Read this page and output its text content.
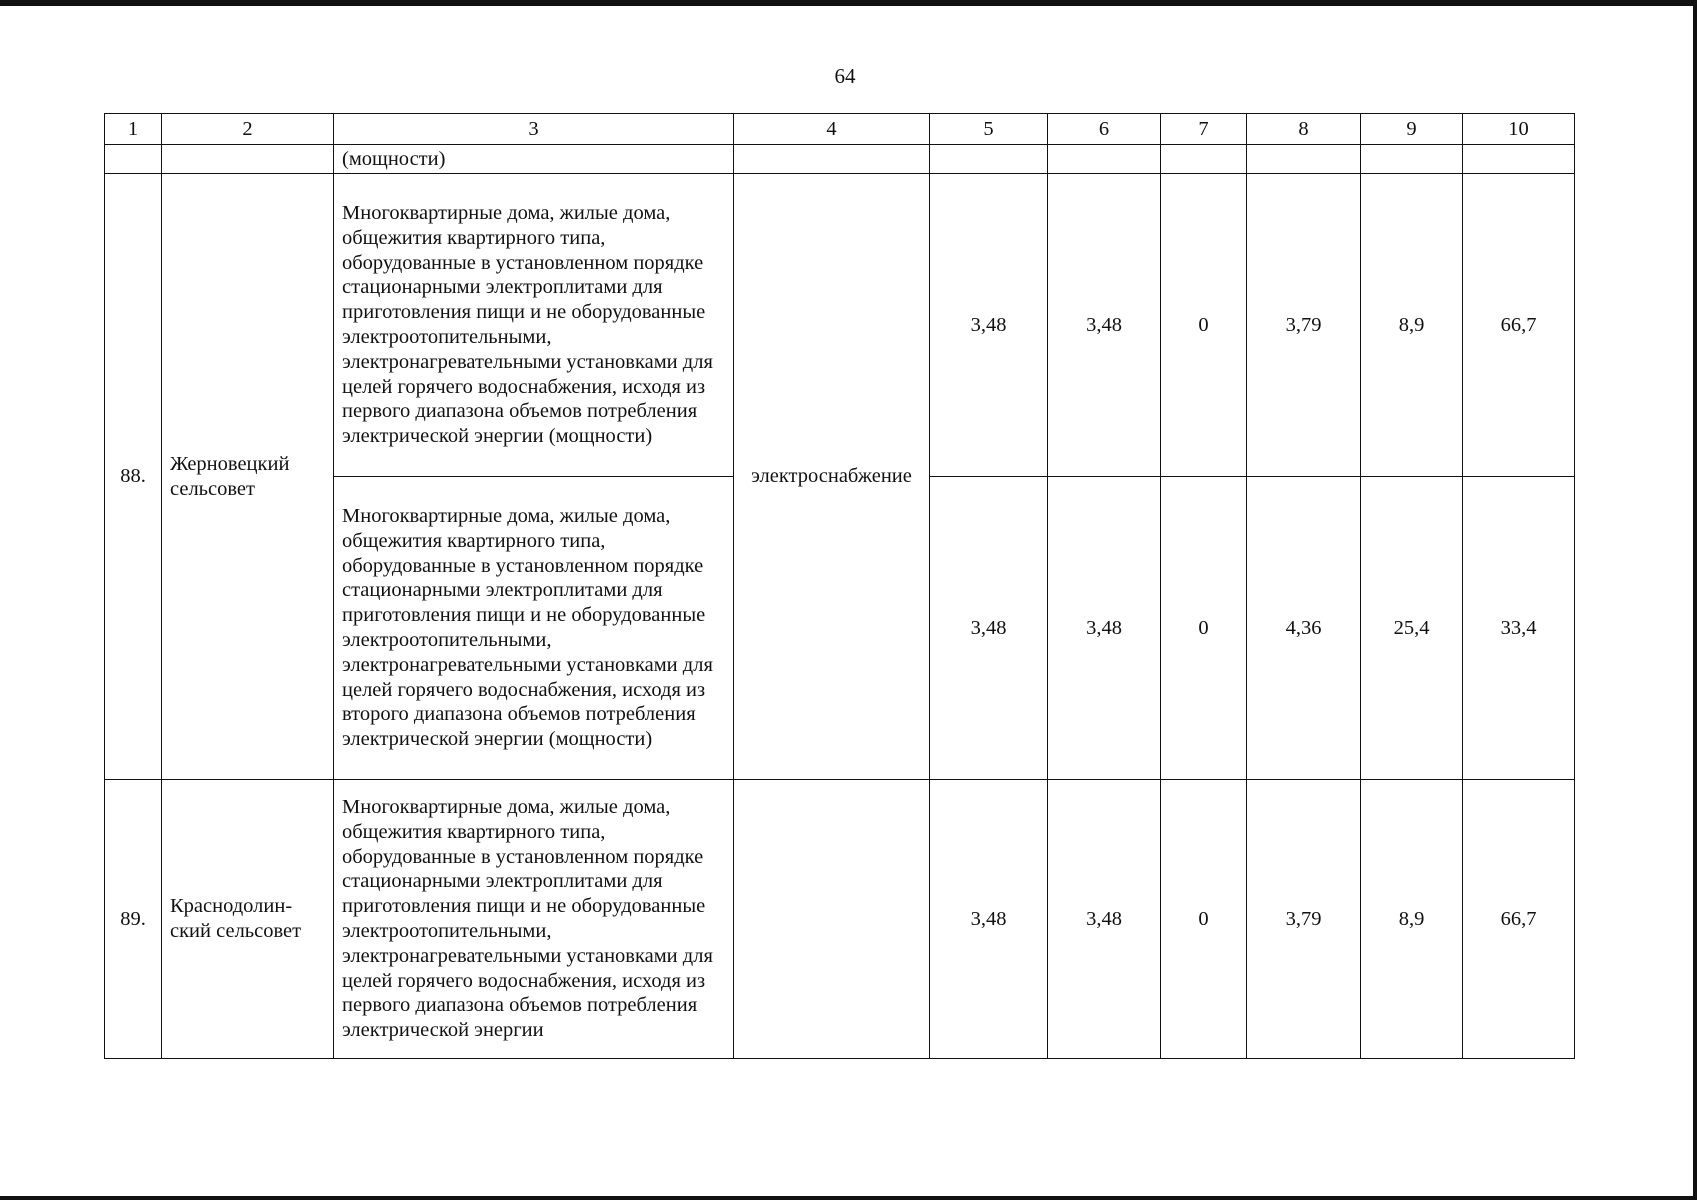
64
1	2	3	4	5	6	7	8	9	10
		(мощности)							
88.	Жерновецкий сельсовет	Многоквартирные дома, жилые дома, общежития квартирного типа, оборудованные в установленном порядке стационарными электроплитами для приготовления пищи и не оборудованные электроотопительными, электронагревательными установками для целей горячего водоснабжения, исходя из первого диапазона объемов потребления электрической энергии (мощности)	электроснабжение	3,48	3,48	0	3,79	8,9	66,7
		Многоквартирные дома, жилые дома, общежития квартирного типа, оборудованные в установленном порядке стационарными электроплитами для приготовления пищи и не оборудованные электроотопительными, электронагревательными установками для целей горячего водоснабжения, исходя из второго диапазона объемов потребления электрической энергии (мощности)		3,48	3,48	0	4,36	25,4	33,4
89.	Краснодолин-ский сельсовет	Многоквартирные дома, жилые дома, общежития квартирного типа, оборудованные в установленном порядке стационарными электроплитами для приготовления пищи и не оборудованные электроотопительными, электронагревательными установками для целей горячего водоснабжения, исходя из первого диапазона объемов потребления электрической энергии		3,48	3,48	0	3,79	8,9	66,7
